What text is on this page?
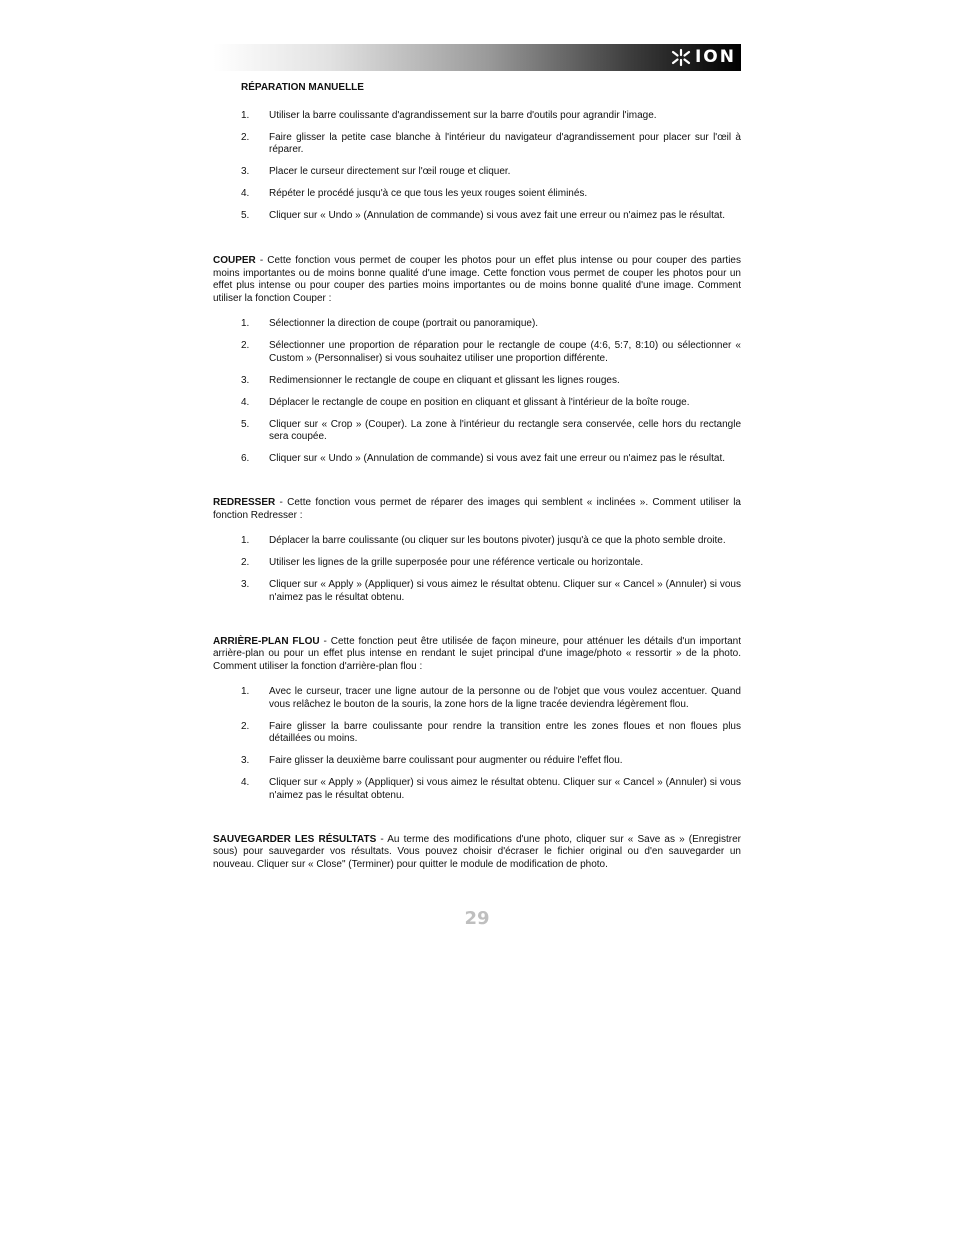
ION
RÉPARATION MANUELLE
1.	Utiliser la barre coulissante d'agrandissement sur la barre d'outils pour agrandir l'image.
2.	Faire glisser la petite case blanche à l'intérieur du navigateur d'agrandissement pour placer sur l'œil à réparer.
3.	Placer le curseur directement sur l'œil rouge et cliquer.
4.	Répéter le procédé jusqu'à ce que tous les yeux rouges soient éliminés.
5.	Cliquer sur « Undo » (Annulation de commande) si vous avez fait une erreur ou n'aimez pas le résultat.

COUPER - Cette fonction vous permet de couper les photos pour un effet plus intense ou pour couper des parties moins importantes ou de moins bonne qualité d'une image. Cette fonction vous permet de couper les photos pour un effet plus intense ou pour couper des parties moins importantes ou de moins bonne qualité d'une image. Comment utiliser la fonction Couper :

1.	Sélectionner la direction de coupe (portrait ou panoramique).
2.	Sélectionner une proportion de réparation pour le rectangle de coupe (4:6, 5:7, 8:10) ou sélectionner « Custom » (Personnaliser) si vous souhaitez utiliser une proportion différente.
3.	Redimensionner le rectangle de coupe en cliquant et glissant les lignes rouges.
4.	Déplacer le rectangle de coupe en position en cliquant et glissant à l'intérieur de la boîte rouge.
5.	Cliquer sur « Crop » (Couper). La zone à l'intérieur du rectangle sera conservée, celle hors du rectangle sera coupée.
6.	Cliquer sur « Undo » (Annulation de commande) si vous avez fait une erreur ou n'aimez pas le résultat.

REDRESSER - Cette fonction vous permet de réparer des images qui semblent « inclinées ». Comment utiliser la fonction Redresser :

1.	Déplacer la barre coulissante (ou cliquer sur les boutons pivoter) jusqu'à ce que la photo semble droite.
2.	Utiliser les lignes de la grille superposée pour une référence verticale ou horizontale.
3.	Cliquer sur « Apply » (Appliquer) si vous aimez le résultat obtenu. Cliquer sur « Cancel » (Annuler) si vous n'aimez pas le résultat obtenu.

ARRIÈRE-PLAN FLOU - Cette fonction peut être utilisée de façon mineure, pour atténuer les détails d'un important arrière-plan ou pour un effet plus intense en rendant le sujet principal d'une image/photo « ressortir » de la photo. Comment utiliser la fonction d'arrière-plan flou :

1.	Avec le curseur, tracer une ligne autour de la personne ou de l'objet que vous voulez accentuer. Quand vous relâchez le bouton de la souris, la zone hors de la ligne tracée deviendra légèrement flou.
2.	Faire glisser la barre coulissante pour rendre la transition entre les zones floues et non floues plus détaillées ou moins.
3.	Faire glisser la deuxième barre coulissant pour augmenter ou réduire l'effet flou.
4.	Cliquer sur « Apply » (Appliquer) si vous aimez le résultat obtenu. Cliquer sur « Cancel » (Annuler) si vous n'aimez pas le résultat obtenu.

SAUVEGARDER LES RÉSULTATS - Au terme des modifications d'une photo, cliquer sur « Save as » (Enregistrer sous) pour sauvegarder vos résultats. Vous pouvez choisir d'écraser le fichier original ou d'en sauvegarder un nouveau. Cliquer sur « Close" (Terminer) pour quitter le module de modification de photo.

29
